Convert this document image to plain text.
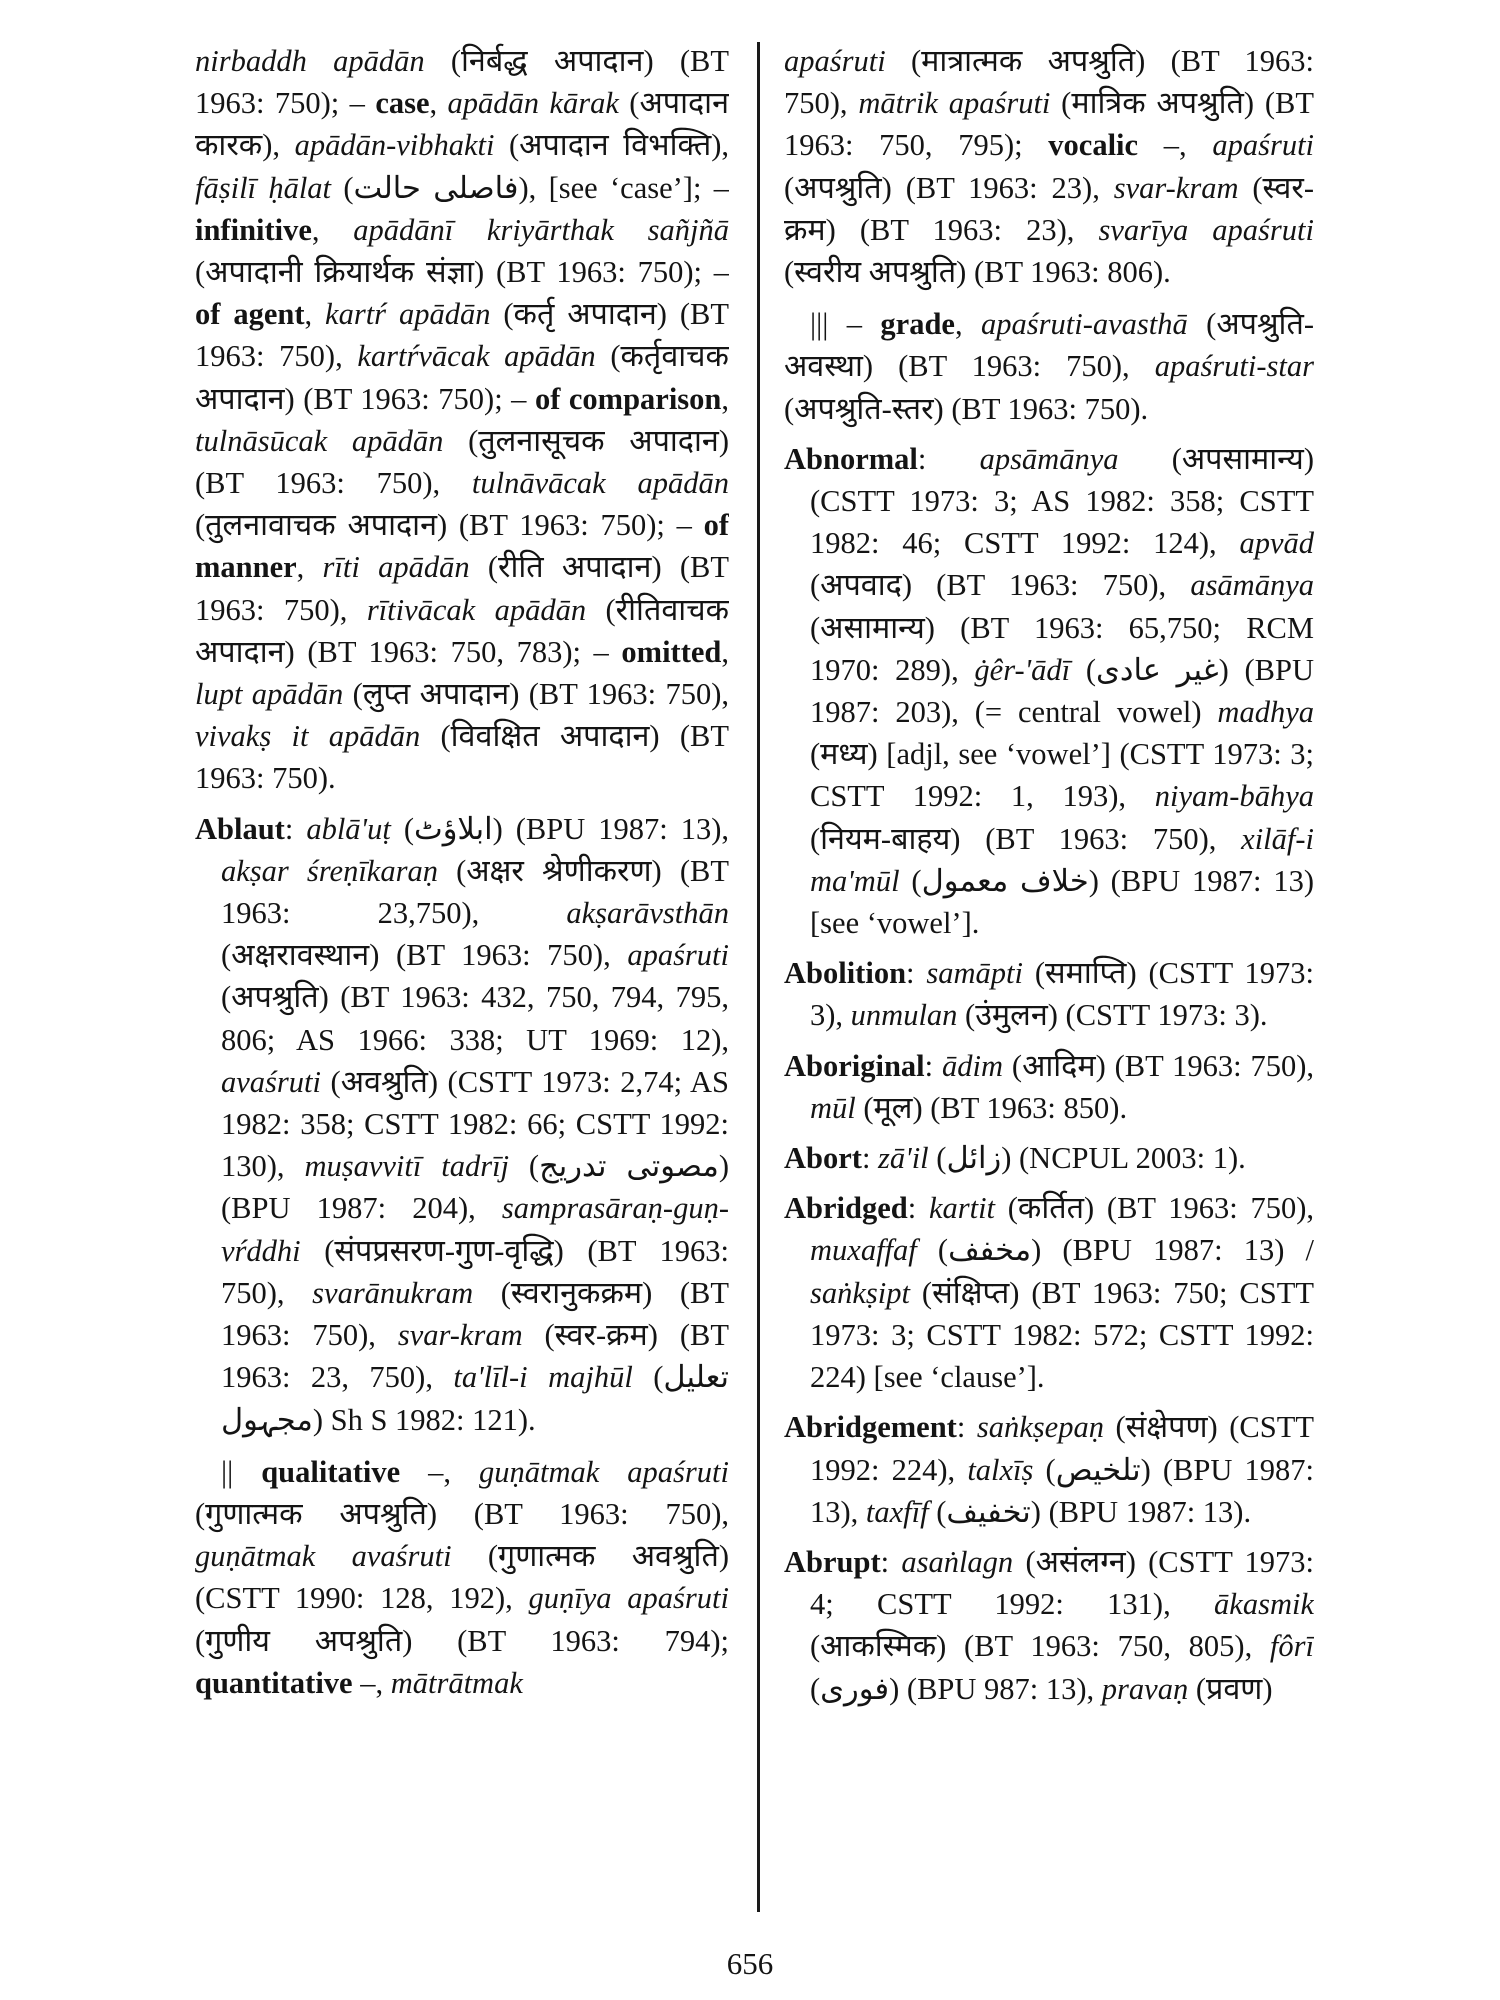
nirbaddh apādān (निर्बद्ध अपादान) (BT 1963: 750); – case, apādān kārak (अपादान कारक), apādān-vibhakti (अपादान विभक्ति), fāṣilī ḥālat (فاصلی حالت), [see ‘case’]; – infinitive, apādānī kriyārthak sañjñā (अपादानी क्रियार्थक संज्ञा) (BT 1963: 750); – of agent, kartŕ apādān (कर्तृ अपादान) (BT 1963: 750), kartŕvācak apādān (कर्तृवाचक अपादान) (BT 1963: 750); – of comparison, tulnāsūcak apādān (तुलनासूचक अपादान) (BT 1963: 750), tulnāvācak apādān (तुलनावाचक अपादान) (BT 1963: 750); – of manner, rīti apādān (रीति अपादान) (BT 1963: 750), rītivācak apādān (रीतिवाचक अपादान) (BT 1963: 750, 783); – omitted, lupt apādān (लुप्त अपादान) (BT 1963: 750), vivakṣ it apādān (विवक्षित अपादान) (BT 1963: 750).

Ablaut: ablā'uṭ (ابلاؤٹ) (BPU 1987: 13), akṣar śreṇīkaraṇ (अक्षर श्रेणीकरण) (BT 1963: 23,750), akṣarāvsthān (अक्षरावस्थान) (BT 1963: 750), apaśruti (अपश्रुति) (BT 1963: 432, 750, 794, 795, 806; AS 1966: 338; UT 1969: 12), avaśruti (अवश्रुति) (CSTT 1973: 2,74; AS 1982: 358; CSTT 1982: 66; CSTT 1992: 130), muṣavvitī tadrīj (مصوتی تدریج) (BPU 1987: 204), samprasāraṇ-guṇ-vŕddhi (संपप्रसरण-गुण-वृद्धि) (BT 1963: 750), svarānukram (स्वरानुकक्रम) (BT 1963: 750), svar-kram (स्वर-क्रम) (BT 1963: 23, 750), ta'līl-i majhūl (تعلیل مجہول) Sh S 1982: 121).

|| qualitative –, guṇātmak apaśruti (गुणात्मक अपश्रुति) (BT 1963: 750), guṇātmak avaśruti (गुणात्मक अवश्रुति) (CSTT 1990: 128, 192), guṇīya apaśruti (गुणीय अपश्रुति) (BT 1963: 794); quantitative –, mātrātmak

apaśruti (मात्रात्मक अपश्रुति) (BT 1963: 750), mātrik apaśruti (मात्रिक अपश्रुति) (BT 1963: 750, 795); vocalic –, apaśruti (अपश्रुति) (BT 1963: 23), svar-kram (स्वर-क्रम) (BT 1963: 23), svarīya apaśruti (स्वरीय अपश्रुति) (BT 1963: 806).

||| – grade, apaśruti-avasthā (अपश्रुति-अवस्था) (BT 1963: 750), apaśruti-star (अपश्रुति-स्तर) (BT 1963: 750).

Abnormal: apsāmānya (अपसामान्य) (CSTT 1973: 3; AS 1982: 358; CSTT 1982: 46; CSTT 1992: 124), apvād (अपवाद) (BT 1963: 750), asāmānya (असामान्य) (BT 1963: 65,750; RCM 1970: 289), ġêr-'ādī (غیر عادی) (BPU 1987: 203), (= central vowel) madhya (मध्य) [adjl, see ‘vowel’] (CSTT 1973: 3; CSTT 1992: 1, 193), niyam-bāhya (नियम-बाहय) (BT 1963: 750), xilāf-i ma'mūl (خلاف معمول) (BPU 1987: 13) [see ‘vowel’].

Abolition: samāpti (समाप्ति) (CSTT 1973: 3), unmulan (उंमुलन) (CSTT 1973: 3).

Aboriginal: ādim (आदिम) (BT 1963: 750), mūl (मूल) (BT 1963: 850).

Abort: zā'il (زائل) (NCPUL 2003: 1).

Abridged: kartit (कर्तित) (BT 1963: 750), muxaffaf (مخفف) (BPU 1987: 13) / saṅkṣipt (संक्षिप्त) (BT 1963: 750; CSTT 1973: 3; CSTT 1982: 572; CSTT 1992: 224) [see ‘clause’].

Abridgement: saṅkṣepaṇ (संक्षेपण) (CSTT 1992: 224), talxīṣ (تلخیص) (BPU 1987: 13), taxfīf (تخفیف) (BPU 1987: 13).

Abrupt: asaṅlagn (असंलग्न) (CSTT 1973: 4; CSTT 1992: 131), ākasmik (आकस्मिक) (BT 1963: 750, 805), fôrī (فوری) (BPU 987: 13), pravaṇ (प्रवण)

656
